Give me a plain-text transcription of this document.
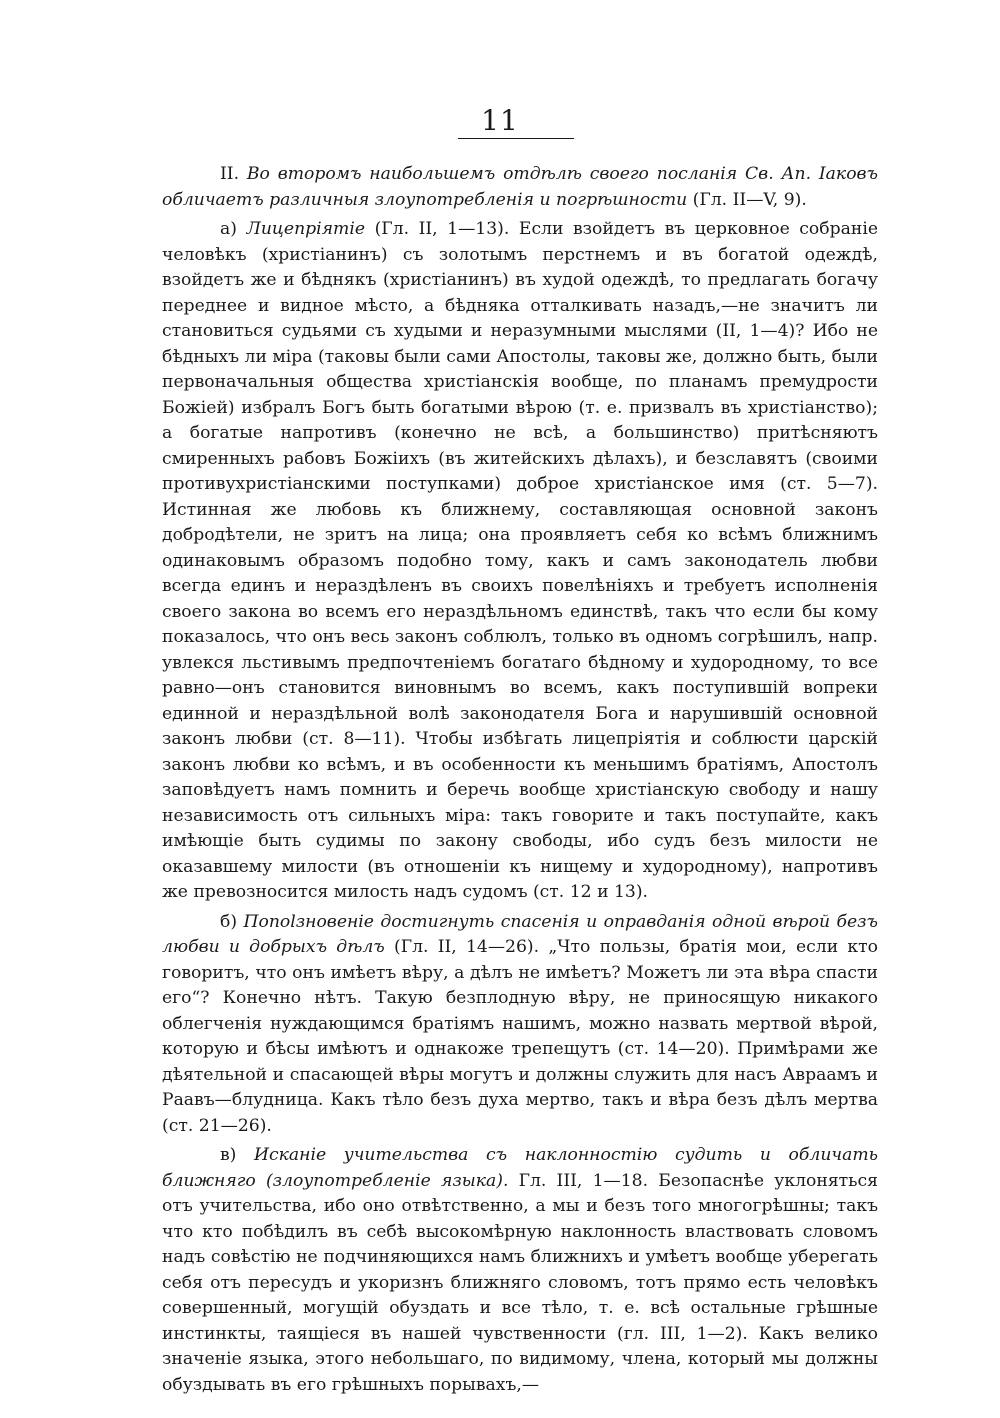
11

II. Во второмъ наибольшемъ отдѣлѣ своего посланія Св. Ап. Іаковъ обличаетъ различныя злоупотребленія и погрѣшности (Гл. II—V, 9).

а) Лицепріятіе (Гл. II, 1—13). Если взойдетъ въ церковное собраніе человѣкъ (христіанинъ) съ золотымъ перстнемъ и въ богатой одеждѣ, взойдетъ же и бѣднякъ (христіанинъ) въ худой одеждѣ, то предлагать богачу переднее и видное мѣсто, а бѣдняка отталкивать назадъ,—не значитъ ли становиться судьями съ худыми и неразумными мыслями (II, 1—4)? Ибо не бѣдныхъ ли міра (таковы были сами Апостолы, таковы же, должно быть, были первоначальныя общества христіанскія вообще, по планамъ премудрости Божіей) избралъ Богъ быть богатыми вѣрою (т. е. призвалъ въ христіанство); а богатые напротивъ (конечно не всѣ, а большинство) притѣсняютъ смиренныхъ рабовъ Божіихъ (въ житейскихъ дѣлахъ), и безславятъ (своими противухристіанскими поступками) доброе христіанское имя (ст. 5—7). Истинная же любовь къ ближнему, составляющая основной законъ добродѣтели, не зритъ на лица; она проявляетъ себя ко всѣмъ ближнимъ одинаковымъ образомъ подобно тому, какъ и самъ законодатель любви всегда единъ и нераздѣленъ въ своихъ повелѣніяхъ и требуетъ исполненія своего закона во всемъ его нераздѣльномъ единствѣ, такъ что если бы кому показалось, что онъ весь законъ соблюлъ, только въ одномъ согрѣшилъ, напр. увлекся льстивымъ предпочтеніемъ богатаго бѣдному и худородному, то все равно—онъ становится виновнымъ во всемъ, какъ поступившій вопреки единной и нераздѣльной волѣ законодателя Бога и нарушившій основной законъ любви (ст. 8—11). Чтобы избѣгать лицепріятія и соблюсти царскій законъ любви ко всѣмъ, и въ особенности къ меньшимъ братіямъ, Апостолъ заповѣдуетъ намъ помнить и беречь вообще христіанскую свободу и нашу независимость отъ сильныхъ міра: такъ говорите и такъ поступайте, какъ имѣющіе быть судимы по закону свободы, ибо судъ безъ милости не оказавшему милости (въ отношеніи къ нищему и худородному), напротивъ же превозносится милость надъ судомъ (ст. 12 и 13).

б) Попolзновеніе достигнуть спасенія и оправданія одной вѣрой безъ любви и добрыхъ дѣлъ (Гл. II, 14—26). „Что пользы, братія мои, если кто говоритъ, что онъ имѣетъ вѣру, а дѣлъ не имѣетъ? Можетъ ли эта вѣра спасти его“? Конечно нѣтъ. Такую безплодную вѣру, не приносящую никакого облегченія нуждающимся братіямъ нашимъ, можно назвать мертвой вѣрой, которую и бѣсы имѣютъ и однакоже трепещутъ (ст. 14—20). Примѣрами же дѣятельной и спасающей вѣры могутъ и должны служить для насъ Авраамъ и Раавъ—блудница. Какъ тѣло безъ духа мертво, такъ и вѣра безъ дѣлъ мертва (ст. 21—26).

в) Исканіе учительства съ наклонностію судить и обличать ближняго (злоупотребленіе языка). Гл. III, 1—18. Безопаснѣе уклоняться отъ учительства, ибо оно отвѣтственно, а мы и безъ того многогрѣшны; такъ что кто побѣдилъ въ себѣ высокомѣрную наклонность властвовать словомъ надъ совѣстію не подчиняющихся намъ ближнихъ и умѣетъ вообще уберегать себя отъ пересудъ и укоризнъ ближняго словомъ, тотъ прямо есть человѣкъ совершенный, могущій обуздать и все тѣло, т. е. всѣ остальные грѣшные инстинкты, таящіеся въ нашей чувственности (гл. III, 1—2). Какъ велико значеніе языка, этого небольшаго, по видимому, члена, который мы должны обуздывать въ его грѣшныхъ порывахъ,—
